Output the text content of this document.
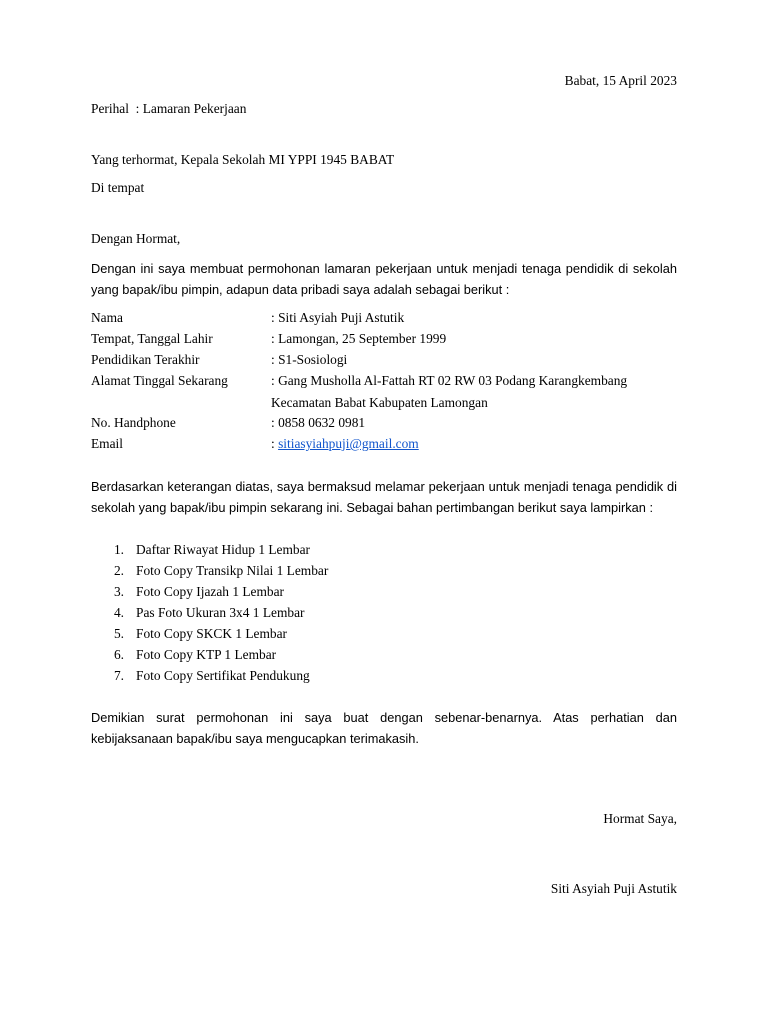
Babat, 15 April 2023
Perihal  : Lamaran Pekerjaan
Yang terhormat, Kepala Sekolah MI YPPI 1945 BABAT
Di tempat
Dengan Hormat,

Dengan ini saya membuat permohonan lamaran pekerjaan untuk menjadi tenaga pendidik di sekolah yang bapak/ibu pimpin, adapun data pribadi saya adalah sebagai berikut :

Nama	: Siti Asyiah Puji Astutik
Tempat, Tanggal Lahir	: Lamongan, 25 September 1999
Pendidikan Terakhir	: S1-Sosiologi
Alamat Tinggal Sekarang	: Gang Musholla Al-Fattah RT 02 RW 03 Podang Karangkembang
Kecamatan Babat Kabupaten Lamongan
No. Handphone	: 0858 0632 0981
Email	: sitiasyiahpuji@gmail.com

Berdasarkan keterangan diatas, saya bermaksud melamar pekerjaan untuk menjadi tenaga pendidik di sekolah yang bapak/ibu pimpin sekarang ini. Sebagai bahan pertimbangan berikut saya lampirkan :

1. Daftar Riwayat Hidup 1 Lembar
2. Foto Copy Transikp Nilai 1 Lembar
3. Foto Copy Ijazah 1 Lembar
4. Pas Foto Ukuran 3x4 1 Lembar
5. Foto Copy SKCK 1 Lembar
6. Foto Copy KTP 1 Lembar
7. Foto Copy Sertifikat Pendukung

Demikian surat permohonan ini saya buat dengan sebenar-benarnya. Atas perhatian dan kebijaksanaan bapak/ibu saya mengucapkan terimakasih.

Hormat Saya,
Siti Asyiah Puji Astutik
